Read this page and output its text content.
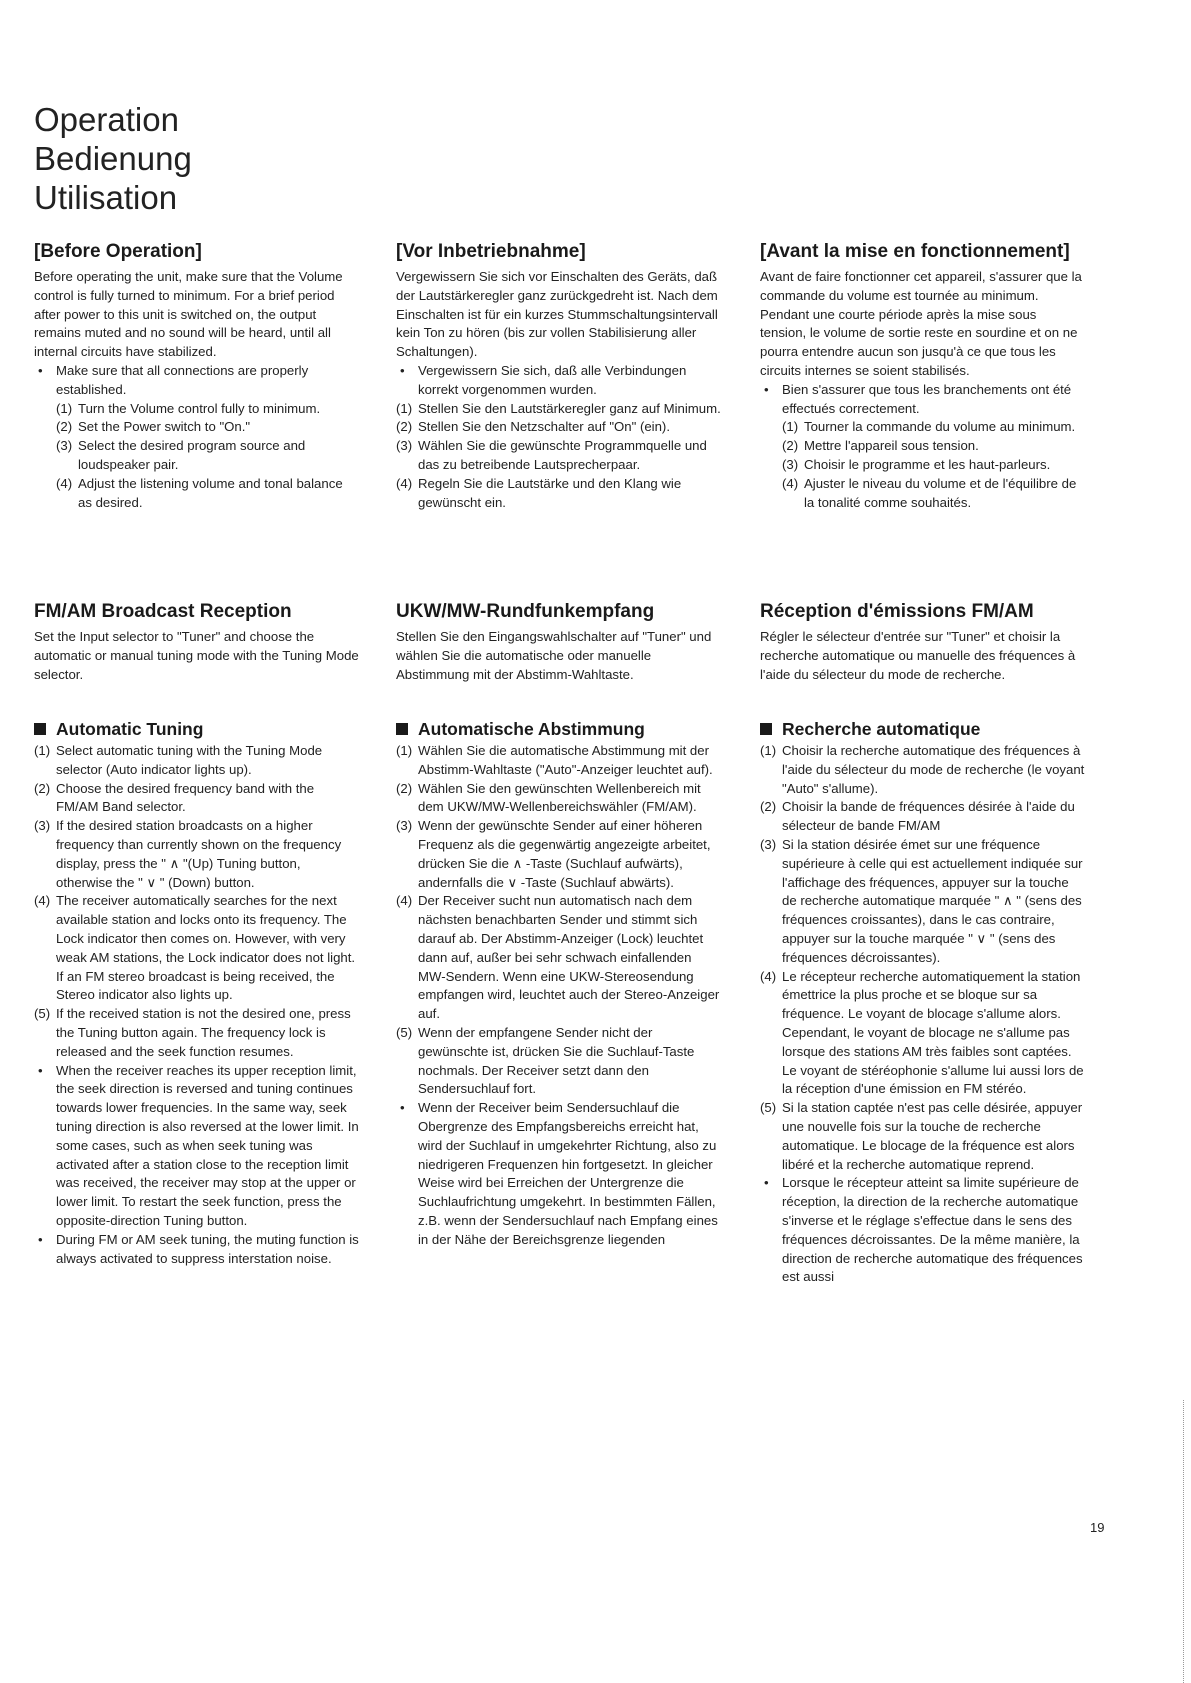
Operation
Bedienung
Utilisation
[Before Operation]

Before operating the unit, make sure that the Volume control is fully turned to minimum. For a brief period after power to this unit is switched on, the output remains muted and no sound will be heard, until all internal circuits have stabilized.

• Make sure that all connections are properly established.
(1) Turn the Volume control fully to minimum.
(2) Set the Power switch to "On."
(3) Select the desired program source and loudspeaker pair.
(4) Adjust the listening volume and tonal balance as desired.
FM/AM Broadcast Reception

Set the Input selector to "Tuner" and choose the automatic or manual tuning mode with the Tuning Mode selector.

Automatic Tuning
(1) Select automatic tuning with the Tuning Mode selector (Auto indicator lights up).
(2) Choose the desired frequency band with the FM/AM Band selector.
(3) If the desired station broadcasts on a higher frequency than currently shown on the frequency display, press the " ∧ "(Up) Tuning button, otherwise the " ∨ " (Down) button.
(4) The receiver automatically searches for the next available station and locks onto its frequency. The Lock indicator then comes on. However, with very weak AM stations, the Lock indicator does not light. If an FM stereo broadcast is being received, the Stereo indicator also lights up.
(5) If the received station is not the desired one, press the Tuning button again. The frequency lock is released and the seek function resumes.
• When the receiver reaches its upper reception limit, the seek direction is reversed and tuning continues towards lower frequencies. In the same way, seek tuning direction is also reversed at the lower limit. In some cases, such as when seek tuning was activated after a station close to the reception limit was received, the receiver may stop at the upper or lower limit. To restart the seek function, press the opposite-direction Tuning button.
• During FM or AM seek tuning, the muting function is always activated to suppress interstation noise.
[Vor Inbetriebnahme]

Vergewissern Sie sich vor Einschalten des Geräts, daß der Lautstärkeregler ganz zurückgedreht ist. Nach dem Einschalten ist für ein kurzes Stummschaltungsintervall kein Ton zu hören (bis zur vollen Stabilisierung aller Schaltungen).

• Vergewissern Sie sich, daß alle Verbindungen korrekt vorgenommen wurden.
(1) Stellen Sie den Lautstärkeregler ganz auf Minimum.
(2) Stellen Sie den Netzschalter auf "On" (ein).
(3) Wählen Sie die gewünschte Programmquelle und das zu betreibende Lautsprecherpaar.
(4) Regeln Sie die Lautstärke und den Klang wie gewünscht ein.
UKW/MW-Rundfunkempfang

Stellen Sie den Eingangswahlschalter auf "Tuner" und wählen Sie die automatische oder manuelle Abstimmung mit der Abstimm-Wahltaste.

Automatische Abstimmung
(1) Wählen Sie die automatische Abstimmung mit der Abstimm-Wahltaste ("Auto"-Anzeiger leuchtet auf).
(2) Wählen Sie den gewünschten Wellenbereich mit dem UKW/MW-Wellenbereichswähler (FM/AM).
(3) Wenn der gewünschte Sender auf einer höheren Frequenz als die gegenwärtig angezeigte arbeitet, drücken Sie die ∧ -Taste (Suchlauf aufwärts), andernfalls die ∨ -Taste (Suchlauf abwärts).
(4) Der Receiver sucht nun automatisch nach dem nächsten benachbarten Sender und stimmt sich darauf ab. Der Abstimm-Anzeiger (Lock) leuchtet dann auf, außer bei sehr schwach einfallenden MW-Sendern. Wenn eine UKW-Stereosendung empfangen wird, leuchtet auch der Stereo-Anzeiger auf.
(5) Wenn der empfangene Sender nicht der gewünschte ist, drücken Sie die Suchlauf-Taste nochmals. Der Receiver setzt dann den Sendersuchlauf fort.
• Wenn der Receiver beim Sendersuchlauf die Obergrenze des Empfangsbereichs erreicht hat, wird der Suchlauf in umgekehrter Richtung, also zu niedrigeren Frequenzen hin fortgesetzt. In gleicher Weise wird bei Erreichen der Untergrenze die Suchlaufrichtung umgekehrt. In bestimmten Fällen, z.B. wenn der Sendersuchlauf nach Empfang eines in der Nähe der Bereichsgrenze liegenden
[Avant la mise en fonctionnement]

Avant de faire fonctionner cet appareil, s'assurer que la commande du volume est tournée au minimum. Pendant une courte période après la mise sous tension, le volume de sortie reste en sourdine et on ne pourra entendre aucun son jusqu'à ce que tous les circuits internes se soient stabilisés.

• Bien s'assurer que tous les branchements ont été effectués correctement.
(1) Tourner la commande du volume au minimum.
(2) Mettre l'appareil sous tension.
(3) Choisir le programme et les haut-parleurs.
(4) Ajuster le niveau du volume et de l'équilibre de la tonalité comme souhaités.
Réception d'émissions FM/AM

Régler le sélecteur d'entrée sur "Tuner" et choisir la recherche automatique ou manuelle des fréquences à l'aide du sélecteur du mode de recherche.

Recherche automatique
(1) Choisir la recherche automatique des fréquences à l'aide du sélecteur du mode de recherche (le voyant "Auto" s'allume).
(2) Choisir la bande de fréquences désirée à l'aide du sélecteur de bande FM/AM
(3) Si la station désirée émet sur une fréquence supérieure à celle qui est actuellement indiquée sur l'affichage des fréquences, appuyer sur la touche de recherche automatique marquée " ∧ " (sens des fréquences croissantes), dans le cas contraire, appuyer sur la touche marquée " ∨ " (sens des fréquences décroissantes).
(4) Le récepteur recherche automatiquement la station émettrice la plus proche et se bloque sur sa fréquence. Le voyant de blocage s'allume alors. Cependant, le voyant de blocage ne s'allume pas lorsque des stations AM très faibles sont captées. Le voyant de stéréophonie s'allume lui aussi lors de la réception d'une émission en FM stéréo.
(5) Si la station captée n'est pas celle désirée, appuyer une nouvelle fois sur la touche de recherche automatique. Le blocage de la fréquence est alors libéré et la recherche automatique reprend.
• Lorsque le récepteur atteint sa limite supérieure de réception, la direction de la recherche automatique s'inverse et le réglage s'effectue dans le sens des fréquences décroissantes. De la même manière, la direction de recherche automatique des fréquences est aussi
19
